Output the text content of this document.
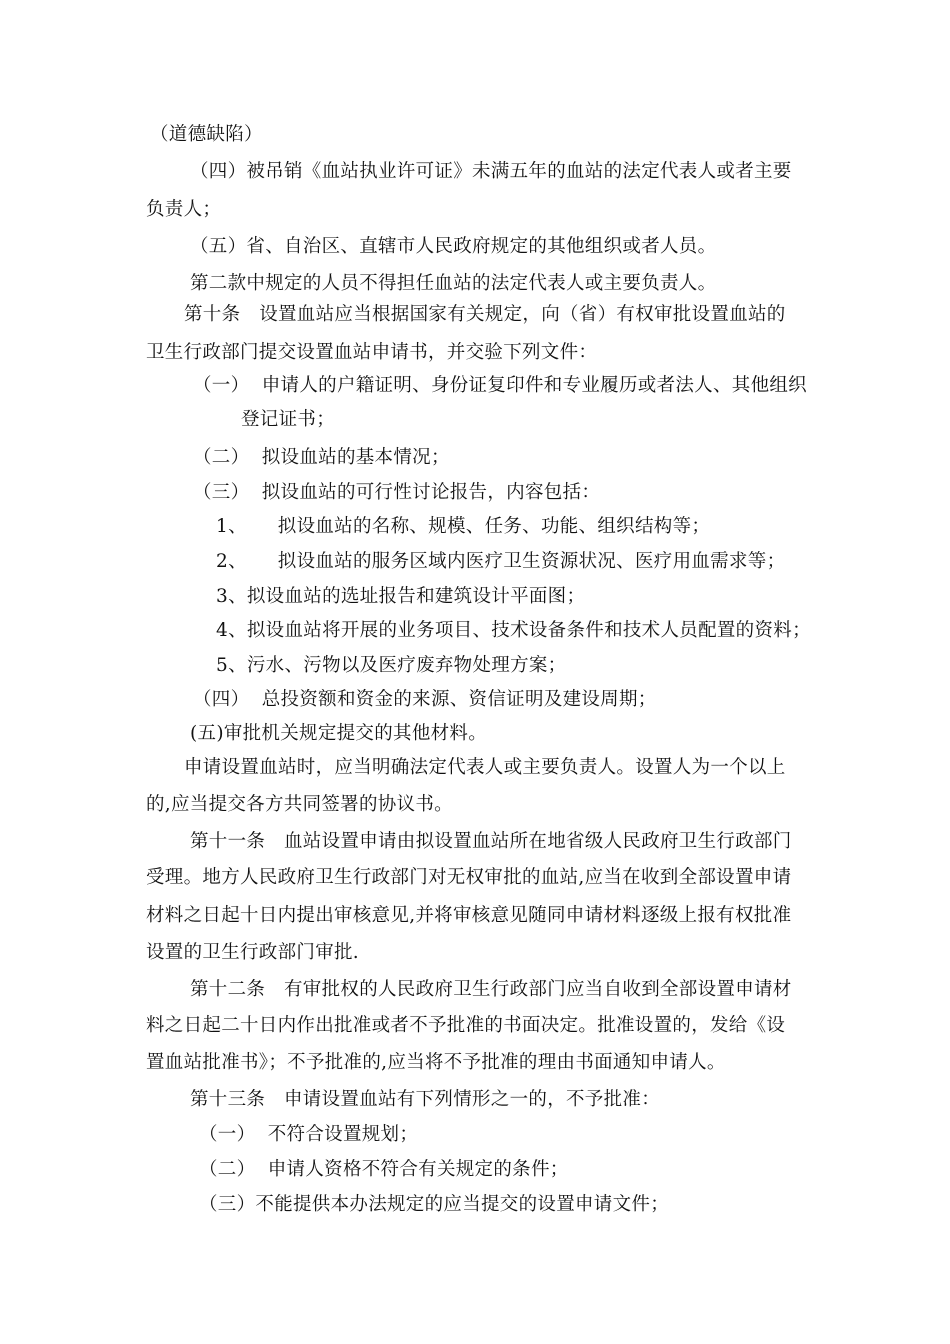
（道德缺陷）
（四）被吊销《血站执业许可证》未满五年的血站的法定代表人或者主要
负责人；
（五）省、自治区、直辖市人民政府规定的其他组织或者人员。
第二款中规定的人员不得担任血站的法定代表人或主要负责人。
第十条　设置血站应当根据国家有关规定，向（省）有权审批设置血站的
卫生行政部门提交设置血站申请书，并交验下列文件：
（一）  申请人的户籍证明、身份证复印件和专业履历或者法人、其他组织
登记证书；
（二）  拟设血站的基本情况；
（三）  拟设血站的可行性讨论报告，内容包括：
1、     拟设血站的名称、规模、任务、功能、组织结构等；
2、     拟设血站的服务区域内医疗卫生资源状况、医疗用血需求等；
3、拟设血站的选址报告和建筑设计平面图；
4、拟设血站将开展的业务项目、技术设备条件和技术人员配置的资料；
5、污水、污物以及医疗废弃物处理方案；
（四）  总投资额和资金的来源、资信证明及建设周期；
(五)审批机关规定提交的其他材料。
申请设置血站时，应当明确法定代表人或主要负责人。设置人为一个以上
的,应当提交各方共同签署的协议书。
第十一条　血站设置申请由拟设置血站所在地省级人民政府卫生行政部门
受理。地方人民政府卫生行政部门对无权审批的血站,应当在收到全部设置申请
材料之日起十日内提出审核意见,并将审核意见随同申请材料逐级上报有权批准
设置的卫生行政部门审批.
第十二条　有审批权的人民政府卫生行政部门应当自收到全部设置申请材
料之日起二十日内作出批准或者不予批准的书面决定。批准设置的，发给《设
置血站批准书》；不予批准的,应当将不予批准的理由书面通知申请人。
第十三条　申请设置血站有下列情形之一的，不予批准：
（一）  不符合设置规划；
（二）  申请人资格不符合有关规定的条件；
（三）不能提供本办法规定的应当提交的设置申请文件；
